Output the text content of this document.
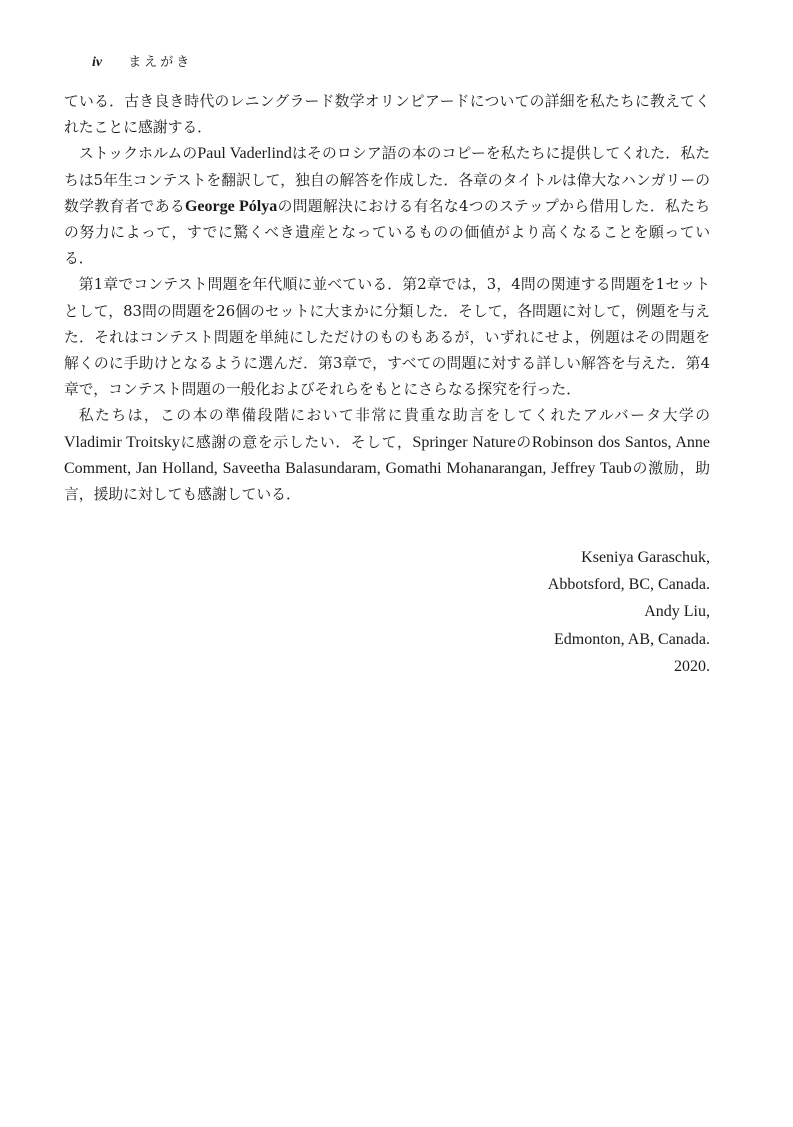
iv まえがき

ている．古き良き時代のレニングラード数学オリンピアードについての詳細を私たちに教えてくれたことに感謝する．

ストックホルムのPaul Vaderlindはそのロシア語の本のコピーを私たちに提供してくれた．私たちは5年生コンテストを翻訳して，独自の解答を作成した．各章のタイトルは偉大なハンガリーの数学教育者であるGeorge Pólyaの問題解決における有名な4つのステップから借用した．私たちの努力によって，すでに驚くべき遺産となっているものの価値がより高くなることを願っている．

第1章でコンテスト問題を年代順に並べている．第2章では，3，4問の関連する問題を1セットとして，83問の問題を26個のセットに大まかに分類した．そして，各問題に対して，例題を与えた．それはコンテスト問題を単純にしただけのものもあるが，いずれにせよ，例題はその問題を解くのに手助けとなるように選んだ．第3章で，すべての問題に対する詳しい解答を与えた．第4章で，コンテスト問題の一般化およびそれらをもとにさらなる探究を行った．

私たちは，この本の準備段階において非常に貴重な助言をしてくれたアルバータ大学のVladimir Troitskyに感謝の意を示したい．そして，Springer NatureのRobinson dos Santos, Anne Comment, Jan Holland, Saveetha Balasundaram, Gomathi Mohanarangan, Jeffrey Taubの激励，助言，援助に対しても感謝している．

Kseniya Garaschuk,
Abbotsford, BC, Canada.
Andy Liu,
Edmonton, AB, Canada.
2020.
